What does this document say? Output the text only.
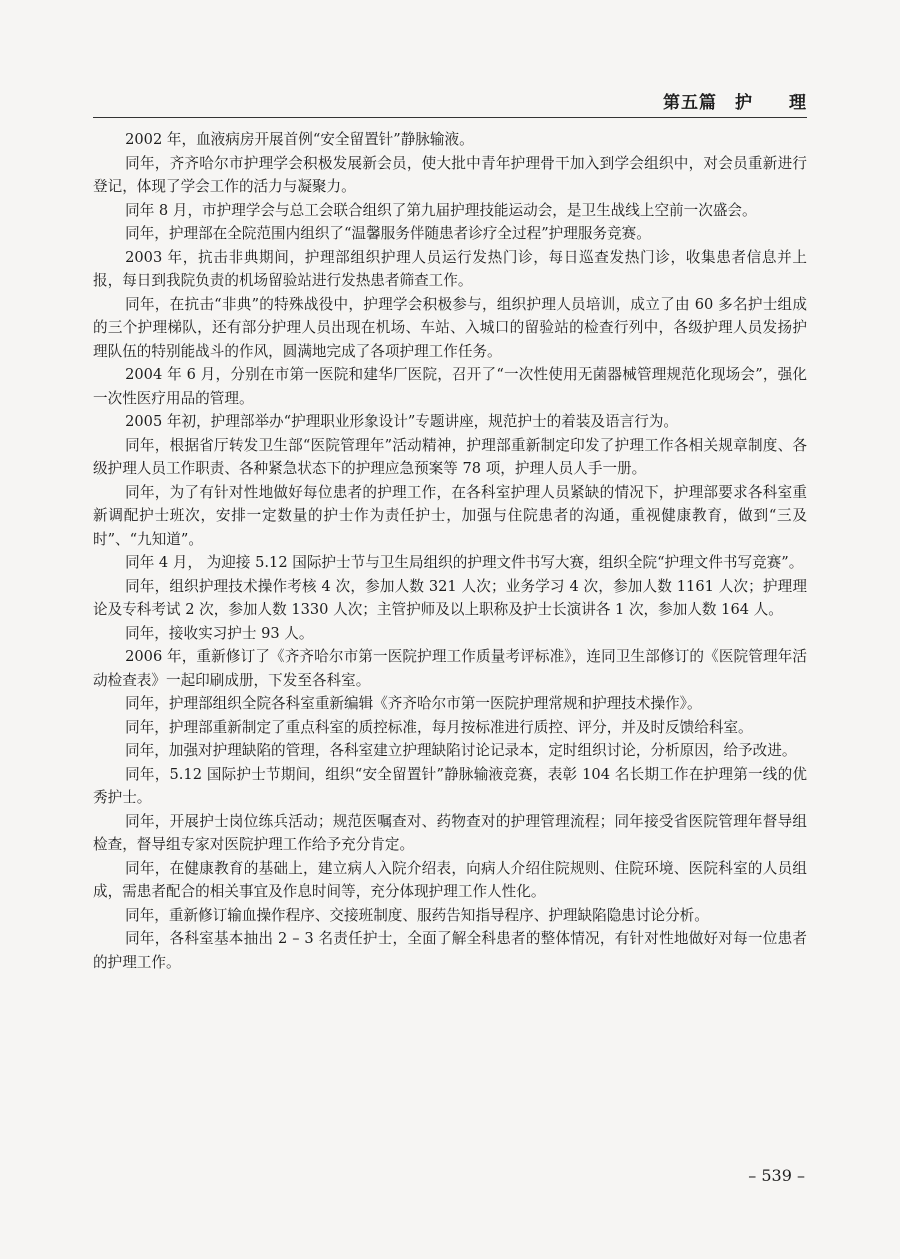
第五篇 护　　理

2002 年，血液病房开展首例“安全留置针”静脉输液。

同年，齐齐哈尔市护理学会积极发展新会员，使大批中青年护理骨干加入到学会组织中，对会员重新进行登记，体现了学会工作的活力与凝聚力。

同年 8 月，市护理学会与总工会联合组织了第九届护理技能运动会，是卫生战线上空前一次盛会。

同年，护理部在全院范围内组织了“温馨服务伴随患者诊疗全过程”护理服务竞赛。

2003 年，抗击非典期间，护理部组织护理人员运行发热门诊，每日巡查发热门诊，收集患者信息并上报，每日到我院负责的机场留验站进行发热患者筛查工作。

同年，在抗击“非典”的特殊战役中，护理学会积极参与，组织护理人员培训，成立了由 60 多名护士组成的三个护理梯队，还有部分护理人员出现在机场、车站、入城口的留验站的检查行列中，各级护理人员发扬护理队伍的特别能战斗的作风，圆满地完成了各项护理工作任务。

2004 年 6 月，分别在市第一医院和建华厂医院，召开了“一次性使用无菌器械管理规范化现场会”，强化一次性医疗用品的管理。

2005 年初，护理部举办“护理职业形象设计”专题讲座，规范护士的着装及语言行为。

同年，根据省厅转发卫生部“医院管理年”活动精神，护理部重新制定印发了护理工作各相关规章制度、各级护理人员工作职责、各种紧急状态下的护理应急预案等 78 项，护理人员人手一册。

同年，为了有针对性地做好每位患者的护理工作，在各科室护理人员紧缺的情况下，护理部要求各科室重新调配护士班次，安排一定数量的护士作为责任护士，加强与住院患者的沟通，重视健康教育，做到“三及时”、“九知道”。

同年 4 月， 为迎接 5.12 国际护士节与卫生局组织的护理文件书写大赛，组织全院“护理文件书写竞赛”。

同年，组织护理技术操作考核 4 次，参加人数 321 人次；业务学习 4 次，参加人数 1161 人次；护理理论及专科考试 2 次，参加人数 1330 人次；主管护师及以上职称及护士长演讲各 1 次，参加人数 164 人。

同年，接收实习护士 93 人。

2006 年，重新修订了《齐齐哈尔市第一医院护理工作质量考评标准》，连同卫生部修订的《医院管理年活动检查表》一起印刷成册，下发至各科室。

同年，护理部组织全院各科室重新编辑《齐齐哈尔市第一医院护理常规和护理技术操作》。

同年，护理部重新制定了重点科室的质控标准，每月按标准进行质控、评分，并及时反馈给科室。

同年，加强对护理缺陷的管理，各科室建立护理缺陷讨论记录本，定时组织讨论，分析原因，给予改进。

同年，5.12 国际护士节期间，组织“安全留置针”静脉输液竞赛，表彰 104 名长期工作在护理第一线的优秀护士。

同年，开展护士岗位练兵活动；规范医嘱查对、药物查对的护理管理流程；同年接受省医院管理年督导组检查，督导组专家对医院护理工作给予充分肯定。

同年，在健康教育的基础上，建立病人入院介绍表，向病人介绍住院规则、住院环境、医院科室的人员组成，需患者配合的相关事宜及作息时间等，充分体现护理工作人性化。

同年，重新修订输血操作程序、交接班制度、服药告知指导程序、护理缺陷隐患讨论分析。

同年，各科室基本抽出 2 – 3 名责任护士，全面了解全科患者的整体情况，有针对性地做好对每一位患者的护理工作。

– 539 –
